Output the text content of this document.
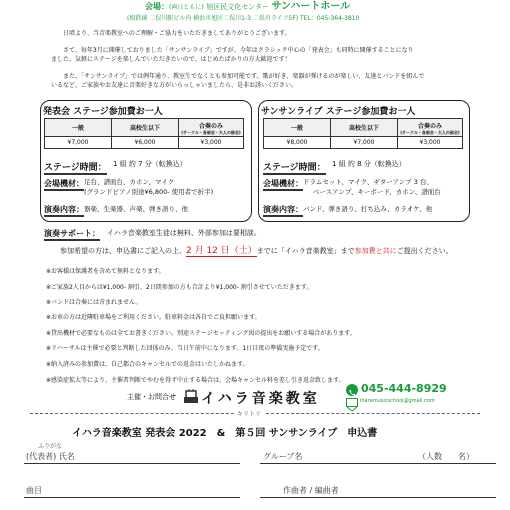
会場：(両日ともに) 旭区民文化センター サンハートホール
(相鉄線 二俣川駅ビル内 横浜市旭区二俣川1-3 二俣川ライフ5F) TEL：045-364-3810
日頃より、当音楽教室へのご理解・ご協力をいただきましてありがとうございます。
さて、毎年3月に開催しておりました「サンサンライブ」ですが、今年はクラシック中心の「発表会」も同時に開催することになり
ました。気軽にステージを楽しんでいただきたいので、はじめたばかりの方大歓迎です！
また、「サンサンライブ」では例年通り、教室生でなくとも参加可能です。歌が好き、楽器が弾けるのが楽しい、友達とバンドを組んで
いるなど、ご家族やお友達に音楽好きな方がいらっしゃいましたら、是非お誘いください。
発表会 ステージ参加費お一人
一般	高校生以下	合奏のみ
(サークル・各部会・大人の部会)

¥7,000	¥6,000	¥3,000
ステージ時間： 1 組 約 7 分（転換込）
会場機材： 足台、譜面台、カホン、マイク
(グランドピアノ別途¥6,800- 使用者で折半)
演奏内容： 器楽、生楽器、声楽、弾き語り、他
サンサンライブ ステージ参加費お一人
一般	高校生以下	合奏のみ
(サークル・各部会・大人の部会)

¥8,000	¥7,000	¥3,000
ステージ時間： 1 組 約 8 分（転換込）
会場機材： ドラムセット、マイク、ギターアンプ 3 台、
ベースアンプ、キーボード、カホン、譜面台
演奏内容： バンド、弾き語り、打ち込み、カラオケ、他
演奏サポート： イハラ音楽教室生徒は無料、外部参加は要相談。
参加希望の方は、申込書にご記入の上、2 月 12 日（土）までに「イハラ音楽教室」まで参加費と共にご提出ください。
※お客様は保護者を含めて無料となります。
※ご家族2人目からは¥1,000- 割引、2日間参加の方も合計より¥1,000- 割引させていただきます。
※バンドは合奏には含まれません。
※お車の方は近隣駐車場をご利用ください。駐車料金は各自でご負担願います。
※貸出機材で必要なものは全てお書きください。別途ステージセッティング図の提出をお願いする場合があります。
※リハーサルは主催で必要と判断した団体のみ、当日午前中になります。1日目夜の準備実施予定です。
※納入済みの参加費は、自己都合のキャンセルでの返金はいたしかねます。
※感染症拡大等により、主催者判断でやむを得ず中止する場合は、会場キャンセル料を差し引き返金致します。
主催・お問合せ イハラ音楽教室
045-444-8929
iharamusicschool@gmail.com
キリトリ
イハラ音楽教室 発表会 2022　&　第５回 サンサンライブ　申込書
ふりがな
(代表者) 氏名	グループ名	（人数　　名）
曲目	作曲者 / 編曲者
